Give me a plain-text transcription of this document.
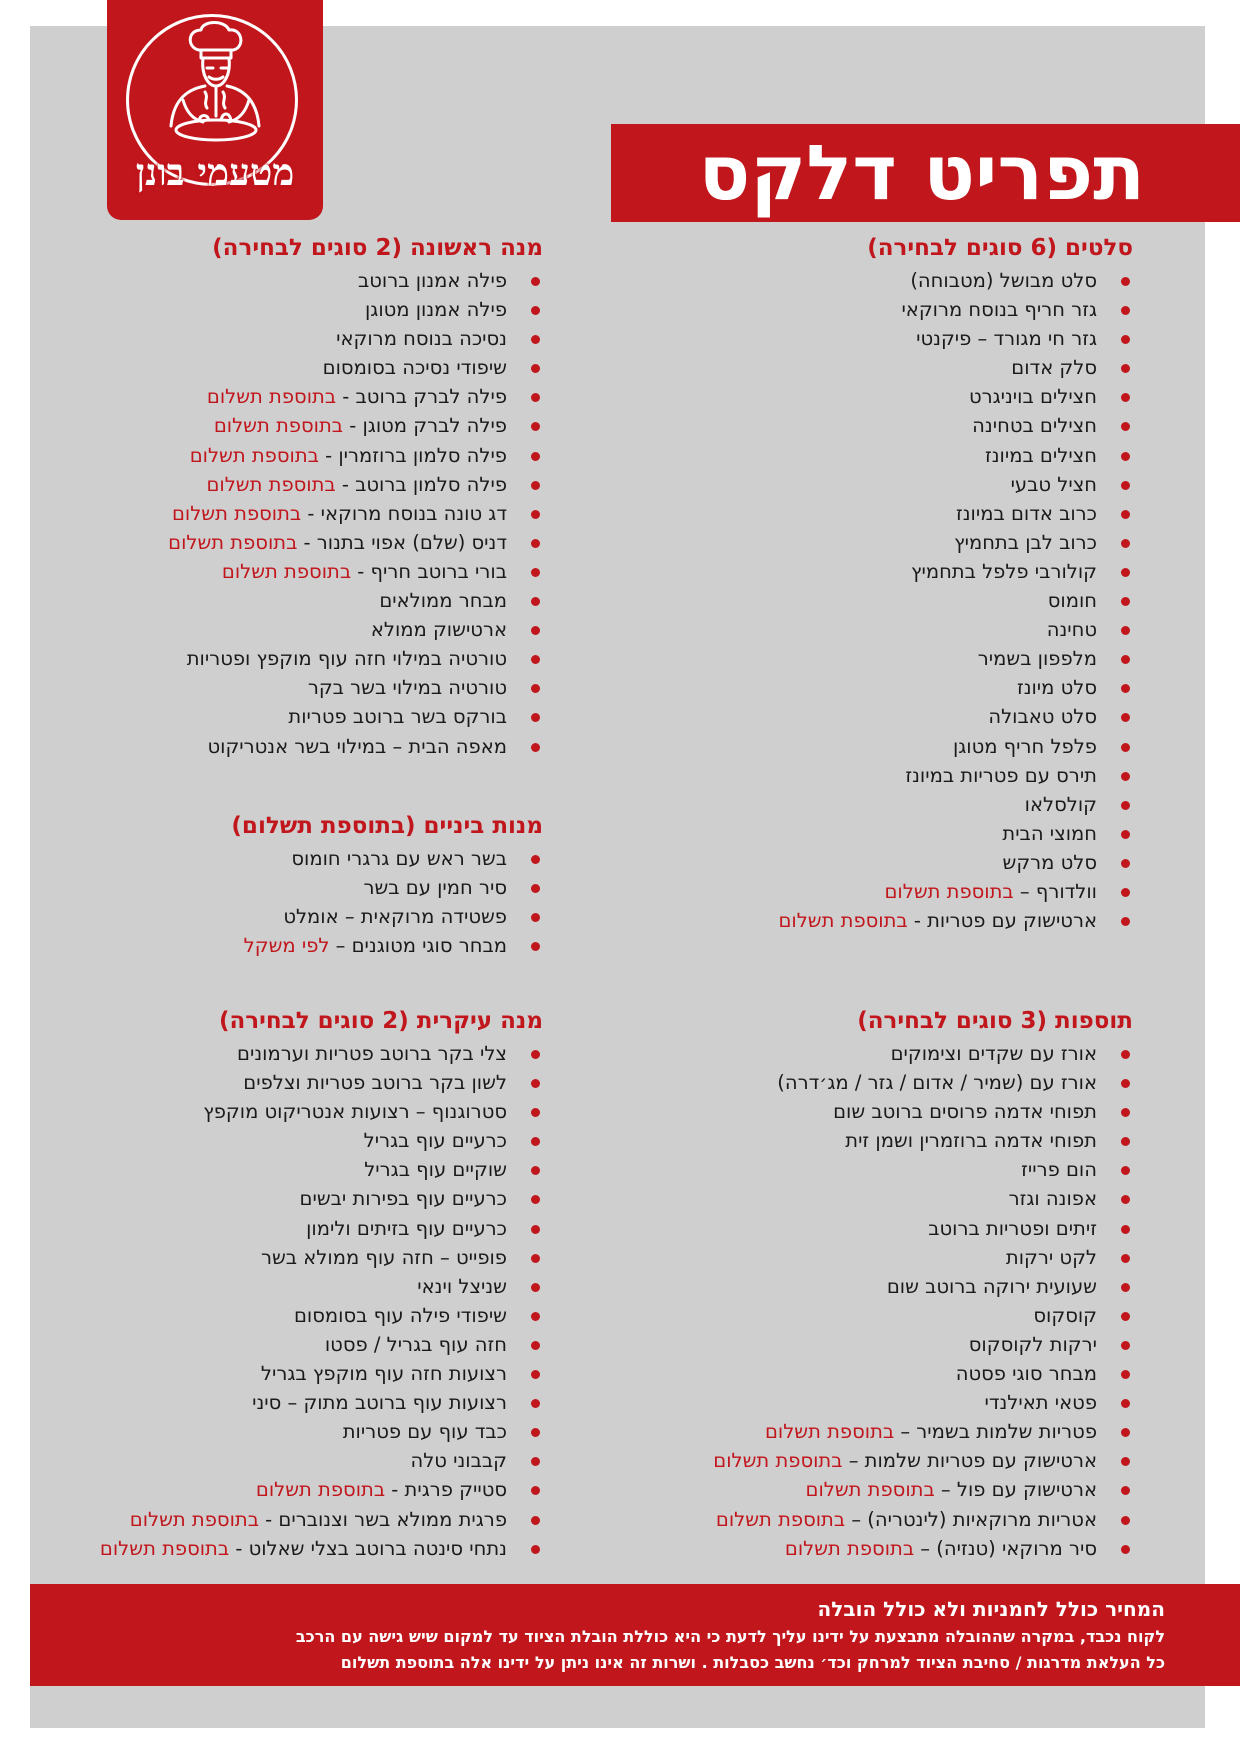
מטעמי בונן	תפריט דלקס
סלטים (6 סוגים לבחירה)
סלט מבושל (מטבוחה)
גזר חריף בנוסח מרוקאי
גזר חי מגורד – פיקנטי
סלק אדום
חצילים בויניגרט
חצילים בטחינה
חצילים במיונז
חציל טבעי
כרוב אדום במיונז
כרוב לבן בתחמיץ
קולורבי פלפל בתחמיץ
חומוס
טחינה
מלפפון בשמיר
סלט מיונז
סלט טאבולה
פלפל חריף מטוגן
תירס עם פטריות במיונז
קולסלאו
חמוצי הבית
סלט מרקש
וולדורף – בתוספת תשלום
ארטישוק עם פטריות - בתוספת תשלום
מנה ראשונה (2 סוגים לבחירה)
פילה אמנון ברוטב
פילה אמנון מטוגן
נסיכה בנוסח מרוקאי
שיפודי נסיכה בסומסום
פילה לברק ברוטב - בתוספת תשלום
פילה לברק מטוגן - בתוספת תשלום
פילה סלמון ברוזמרין - בתוספת תשלום
פילה סלמון ברוטב - בתוספת תשלום
דג טונה בנוסח מרוקאי - בתוספת תשלום
דניס (שלם) אפוי בתנור - בתוספת תשלום
בורי ברוטב חריף - בתוספת תשלום
מבחר ממולאים
ארטישוק ממולא
טורטיה במילוי חזה עוף מוקפץ ופטריות
טורטיה במילוי בשר בקר
בורקס בשר ברוטב פטריות
מאפה הבית – במילוי בשר אנטריקוט
מנות ביניים (בתוספת תשלום)
בשר ראש עם גרגרי חומוס
סיר חמין עם בשר
פשטידה מרוקאית – אומלט
מבחר סוגי מטוגנים – לפי משקל
תוספות (3 סוגים לבחירה)
אורז עם שקדים וצימוקים
אורז עם (שמיר / אדום / גזר / מג׳דרה)
תפוחי אדמה פרוסים ברוטב שום
תפוחי אדמה ברוזמרין ושמן זית
הום פרייז
אפונה וגזר
זיתים ופטריות ברוטב
לקט ירקות
שעועית ירוקה ברוטב שום
קוסקוס
ירקות לקוסקוס
מבחר סוגי פסטה
פטאי תאילנדי
פטריות שלמות בשמיר – בתוספת תשלום
ארטישוק עם פטריות שלמות – בתוספת תשלום
ארטישוק עם פול – בתוספת תשלום
אטריות מרוקאיות (לינטריה) – בתוספת תשלום
סיר מרוקאי (טנזיה) – בתוספת תשלום
מנה עיקרית (2 סוגים לבחירה)
צלי בקר ברוטב פטריות וערמונים
לשון בקר ברוטב פטריות וצלפים
סטרוגנוף – רצועות אנטריקוט מוקפץ
כרעיים עוף בגריל
שוקיים עוף בגריל
כרעיים עוף בפירות יבשים
כרעיים עוף בזיתים ולימון
פופייט – חזה עוף ממולא בשר
שניצל וינאי
שיפודי פילה עוף בסומסום
חזה עוף בגריל / פסטו
רצועות חזה עוף מוקפץ בגריל
רצועות עוף ברוטב מתוק – סיני
כבד עוף עם פטריות
קבבוני טלה
סטייק פרגית - בתוספת תשלום
פרגית ממולא בשר וצנוברים - בתוספת תשלום
נתחי סינטה ברוטב בצלי שאלוט - בתוספת תשלום
המחיר כולל לחמניות ולא כולל הובלה
לקוח נכבד, במקרה שההובלה מתבצעת על ידינו עליך לדעת כי היא כוללת הובלת הציוד עד למקום שיש גישה עם הרכב
כל העלאת מדרגות / סחיבת הציוד למרחק וכד׳ נחשב כסבלות . ושרות זה אינו ניתן על ידינו אלה בתוספת תשלום
